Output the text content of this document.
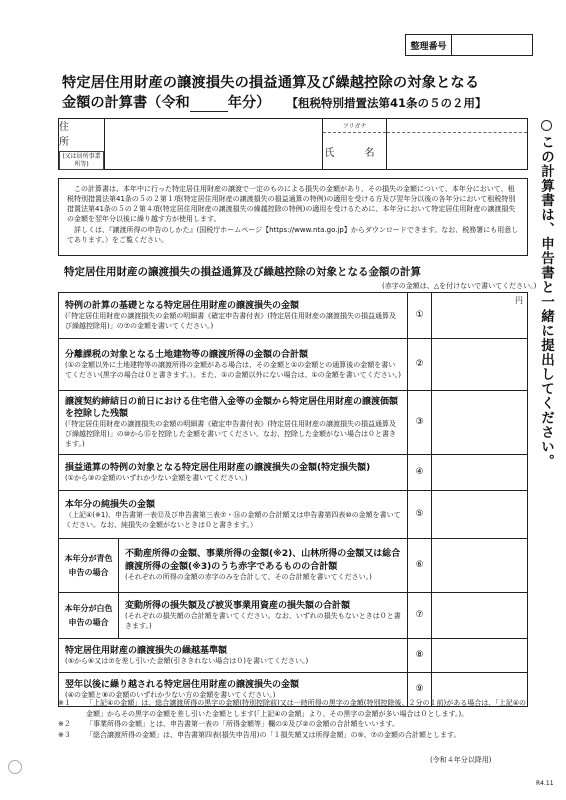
整理番号
特定居住用財産の譲渡損失の損益通算及び繰越控除の対象となる
金額の計算書（令和	年分） 【租税特別措置法第41条の５の２用】
この計算書は、申告書と一緒に提出してください。
住　所
(又は居所事業所等)
フリガナ
氏　名

この計算書は、本年中に行った特定居住用財産の譲渡で一定のものによる損失の金額があり、その損失の金額について、本年分において、租税特別措置法第41条の５の２第１項(特定居住用財産の譲渡損失の損益通算の特例)の適用を受ける方及び翌年分以後の各年分において租税特別措置法第41条の５の２第４項(特定居住用財産の譲渡損失の繰越控除の特例)の適用を受けるために、本年分において特定居住用財産の譲渡損失の金額を翌年分以後に繰り越す方が使用します。

詳しくは、『譲渡所得の申告のしかた』(国税庁ホームページ【https://www.nta.go.jp】からダウンロードできます。なお、税務署にも用意してあります。）をご覧ください。

特定居住用財産の譲渡損失の損益通算及び繰越控除の対象となる金額の計算
(赤字の金額は、△を付けないで書いてください。)
特例の計算の基礎となる特定居住用財産の譲渡損失の金額
(「特定居住用財産の譲渡損失の金額の明細書《確定申告書付表》(特定居住用財産の譲渡損失の損益通算及び繰越控除用)」の⑦の金額を書いてください。)		①	円

分離課税の対象となる土地建物等の譲渡所得の金額の合計額
(①の金額以外に土地建物等の譲渡所得の金額がある場合は、その金額と①の金額との通算後の金額を書いてください(黒字の場合は０と書きます。）。また、①の金額以外にない場合は、①の金額を書いてください。)		②	

譲渡契約締結日の前日における住宅借入金等の金額から特定居住用財産の譲渡価額を控除した残額
(「特定居住用財産の譲渡損失の金額の明細書《確定申告書付表》(特定居住用財産の譲渡損失の損益通算及び繰越控除用)」の⑩から⑮を控除した金額を書いてください。なお、控除した金額がない場合は０と書きます。)		③	

損益通算の特例の対象となる特定居住用財産の譲渡損失の金額(特定損失額)
(①から③の金額のいずれか少ない金額を書いてください。)		④	

本年分の純損失の金額
（上記④(※1)、申告書第一表⑫及び申告書第三表⑦・⑯の金額の合計額又は申告書第四表⑩の金額を書いてください。なお、純損失の金額がないときは０と書きます。）		⑤	
本年分が青色申告の場合	不動産所得の金額、事業所得の金額(※2)、山林所得の金額又は総合譲渡所得の金額(※3)のうち赤字であるものの合計額
(それぞれの所得の金額の赤字のみを合計して、その合計額を書いてください。)	⑥	
本年分が白色申告の場合	変動所得の損失額及び被災事業用資産の損失額の合計額
(それぞれの損失額の合計額を書いてください。なお、いずれの損失もないときは０と書きます。)	⑦	

特定居住用財産の譲渡損失の繰越基準額
(⑤から⑥又は⑦を差し引いた金額(引ききれない場合は０)を書いてください。)		⑧	

翌年以後に繰り越される特定居住用財産の譲渡損失の金額
(④の金額と⑧の金額のいずれか少ない方の金額を書いてください。)		⑨	
※１	「上記④の金額」は、総合譲渡所得の黒字の金額(特別控除前)又は一時所得の黒字の金額(特別控除後、２分の１前)がある場合は、「上記④の金額」からその黒字の金額を差し引いた金額とします(「上記④の金額」より、その黒字の金額が多い場合は０とします。)。
※２	「事業所得の金額」とは、申告書第一表の「所得金額等」欄の①及び②の金額の合計額をいいます。
※３	「総合譲渡所得の金額」は、申告書第四表(損失申告用)の「１損失額又は所得金額」の⑤、⑦の金額の合計額とします。
(令和４年分以降用)
R4.11
